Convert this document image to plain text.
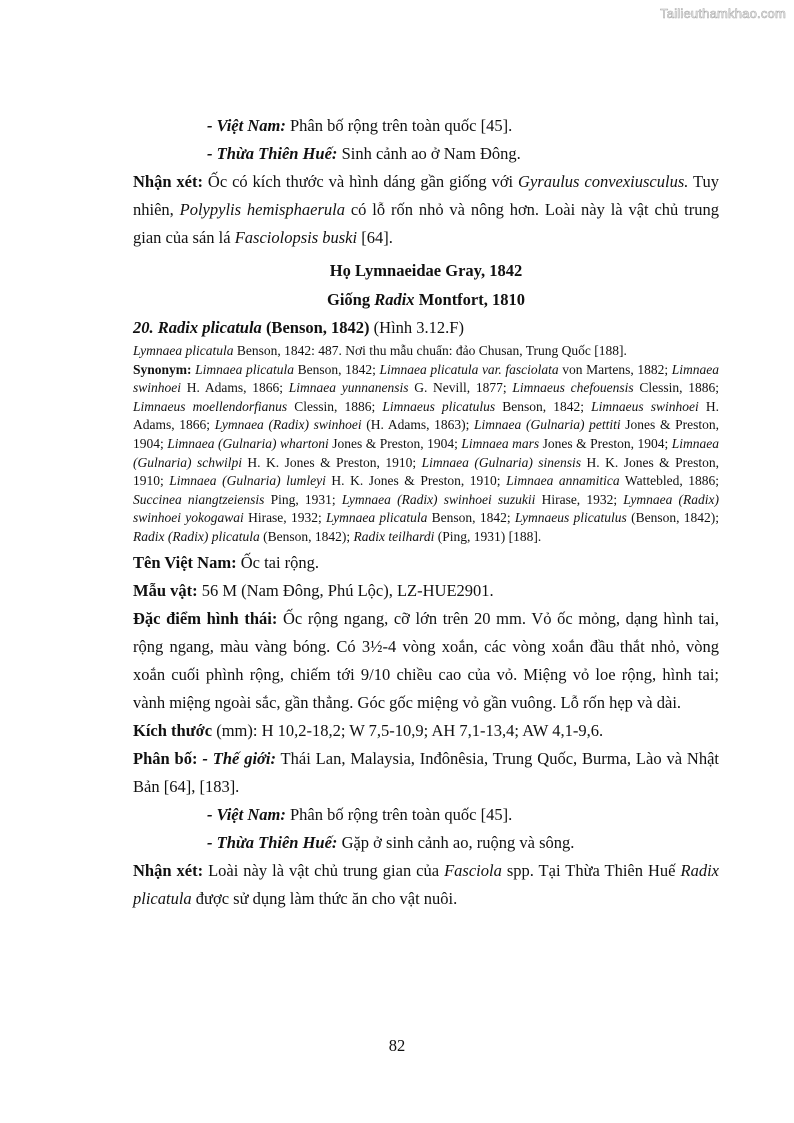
Tailieuthamkhao.com

- Việt Nam: Phân bố rộng trên toàn quốc [45].

- Thừa Thiên Huế: Sinh cảnh ao ở Nam Đông.

Nhận xét: Ốc có kích thước và hình dáng gần giống với Gyraulus convexiusculus. Tuy nhiên, Polypylis hemisphaerula có lỗ rốn nhỏ và nông hơn. Loài này là vật chủ trung gian của sán lá Fasciolopsis buski [64].

Họ Lymnaeidae Gray, 1842

Giống Radix Montfort, 1810

20. Radix plicatula (Benson, 1842) (Hình 3.12.F)

Lymnaea plicatula Benson, 1842: 487. Nơi thu mẫu chuẩn: đảo Chusan, Trung Quốc [188].

Synonym: Limnaea plicatula Benson, 1842; Limnaea plicatula var. fasciolata von Martens, 1882; Limnaea swinhoei H. Adams, 1866; Limnaea yunnanensis G. Nevill, 1877; Limnaeus chefouensis Clessin, 1886; Limnaeus moellendorfianus Clessin, 1886; Limnaeus plicatulus Benson, 1842; Limnaeus swinhoei H. Adams, 1866; Lymnaea (Radix) swinhoei (H. Adams, 1863); Limnaea (Gulnaria) pettiti Jones & Preston, 1904; Limnaea (Gulnaria) whartoni Jones & Preston, 1904; Limnaea mars Jones & Preston, 1904; Limnaea (Gulnaria) schwilpi H. K. Jones & Preston, 1910; Limnaea (Gulnaria) sinensis H. K. Jones & Preston, 1910; Limnaea (Gulnaria) lumleyi H. K. Jones & Preston, 1910; Limnaea annamitica Wattebled, 1886; Succinea niangtzeiensis Ping, 1931; Lymnaea (Radix) swinhoei suzukii Hirase, 1932; Lymnaea (Radix) swinhoei yokogawai Hirase, 1932; Lymnaea plicatula Benson, 1842; Lymnaeus plicatulus (Benson, 1842); Radix (Radix) plicatula (Benson, 1842); Radix teilhardi (Ping, 1931) [188].

Tên Việt Nam: Ốc tai rộng.

Mẫu vật: 56 M (Nam Đông, Phú Lộc), LZ-HUE2901.

Đặc điểm hình thái: Ốc rộng ngang, cỡ lớn trên 20 mm. Vỏ ốc mỏng, dạng hình tai, rộng ngang, màu vàng bóng. Có 3½-4 vòng xoắn, các vòng xoắn đầu thắt nhỏ, vòng xoắn cuối phình rộng, chiếm tới 9/10 chiều cao của vỏ. Miệng vỏ loe rộng, hình tai; vành miệng ngoài sắc, gần thẳng. Góc gốc miệng vỏ gần vuông. Lỗ rốn hẹp và dài.

Kích thước (mm): H 10,2-18,2; W 7,5-10,9; AH 7,1-13,4; AW 4,1-9,6.

Phân bố: - Thế giới: Thái Lan, Malaysia, Inđônêsia, Trung Quốc, Burma, Lào và Nhật Bản [64], [183].

- Việt Nam: Phân bố rộng trên toàn quốc [45].

- Thừa Thiên Huế: Gặp ở sinh cảnh ao, ruộng và sông.

Nhận xét: Loài này là vật chủ trung gian của Fasciola spp. Tại Thừa Thiên Huế Radix plicatula được sử dụng làm thức ăn cho vật nuôi.

82
